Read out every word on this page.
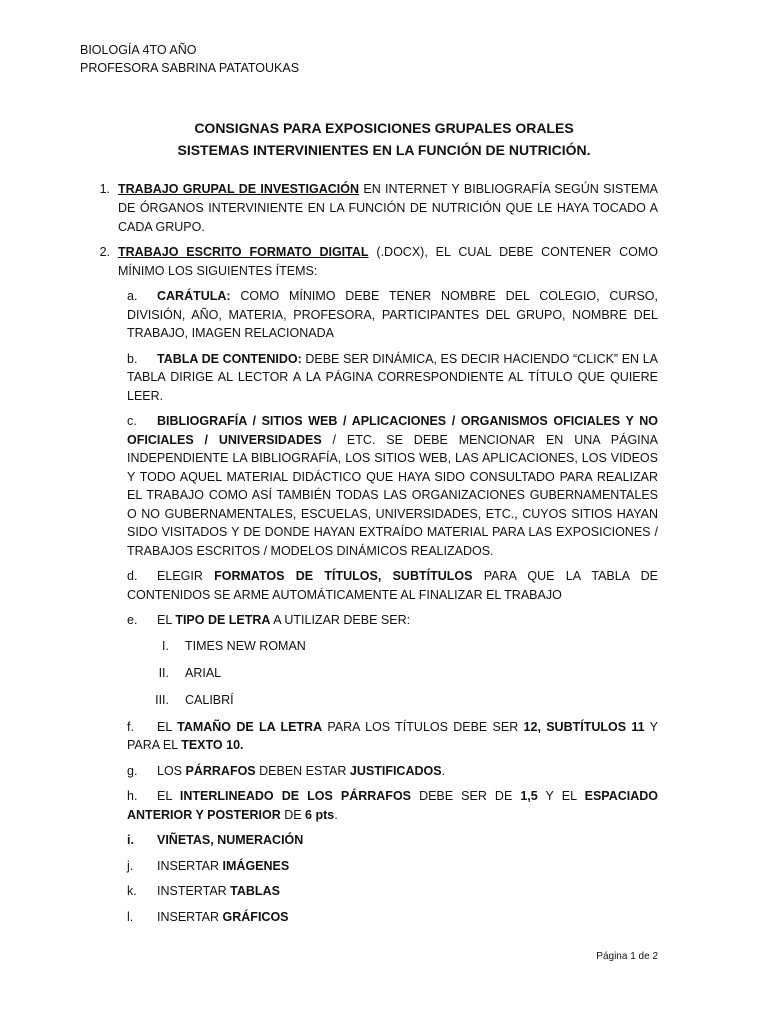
BIOLOGÍA 4TO AÑO
PROFESORA SABRINA PATATOUKAS
CONSIGNAS PARA EXPOSICIONES GRUPALES ORALES
SISTEMAS INTERVINIENTES EN LA FUNCIÓN DE NUTRICIÓN.
1. TRABAJO GRUPAL DE INVESTIGACIÓN EN INTERNET Y BIBLIOGRAFÍA SEGÚN SISTEMA DE ÓRGANOS INTERVINIENTE EN LA FUNCIÓN DE NUTRICIÓN QUE LE HAYA TOCADO A CADA GRUPO.
2. TRABAJO ESCRITO FORMATO DIGITAL (.DOCX), EL CUAL DEBE CONTENER COMO MÍNIMO LOS SIGUIENTES ÍTEMS:
a. CARÁTULA: COMO MÍNIMO DEBE TENER NOMBRE DEL COLEGIO, CURSO, DIVISIÓN, AÑO, MATERIA, PROFESORA, PARTICIPANTES DEL GRUPO, NOMBRE DEL TRABAJO, IMAGEN RELACIONADA
b. TABLA DE CONTENIDO: DEBE SER DINÁMICA, ES DECIR HACIENDO “CLICK” EN LA TABLA DIRIGE AL LECTOR A LA PÁGINA CORRESPONDIENTE AL TÍTULO QUE QUIERE LEER.
c. BIBLIOGRAFÍA / SITIOS WEB / APLICACIONES / ORGANISMOS OFICIALES Y NO OFICIALES / UNIVERSIDADES / ETC. SE DEBE MENCIONAR EN UNA PÁGINA INDEPENDIENTE LA BIBLIOGRAFÍA, LOS SITIOS WEB, LAS APLICACIONES, LOS VIDEOS Y TODO AQUEL MATERIAL DIDÁCTICO QUE HAYA SIDO CONSULTADO PARA REALIZAR EL TRABAJO COMO ASÍ TAMBIÉN TODAS LAS ORGANIZACIONES GUBERNAMENTALES O NO GUBERNAMENTALES, ESCUELAS, UNIVERSIDADES, ETC., CUYOS SITIOS HAYAN SIDO VISITADOS Y DE DONDE HAYAN EXTRAÍDO MATERIAL PARA LAS EXPOSICIONES / TRABAJOS ESCRITOS / MODELOS DINÁMICOS REALIZADOS.
d. ELEGIR FORMATOS DE TÍTULOS, SUBTÍTULOS PARA QUE LA TABLA DE CONTENIDOS SE ARME AUTOMÁTICAMENTE AL FINALIZAR EL TRABAJO
e. EL TIPO DE LETRA A UTILIZAR DEBE SER:
I.	TIMES NEW ROMAN
II.	ARIAL
III.	CALIBRÍ
f. EL TAMAÑO DE LA LETRA PARA LOS TÍTULOS DEBE SER 12, SUBTÍTULOS 11 Y PARA EL TEXTO 10.
g. LOS PÁRRAFOS DEBEN ESTAR JUSTIFICADOS.
h. EL INTERLINEADO DE LOS PÁRRAFOS DEBE SER DE 1,5 Y EL ESPACIADO ANTERIOR Y POSTERIOR DE 6 pts.
i. VIÑETAS, NUMERACIÓN
j. INSERTAR IMÁGENES
k. INSTERTAR TABLAS
l. INSERTAR GRÁFICOS
Página 1 de 2
